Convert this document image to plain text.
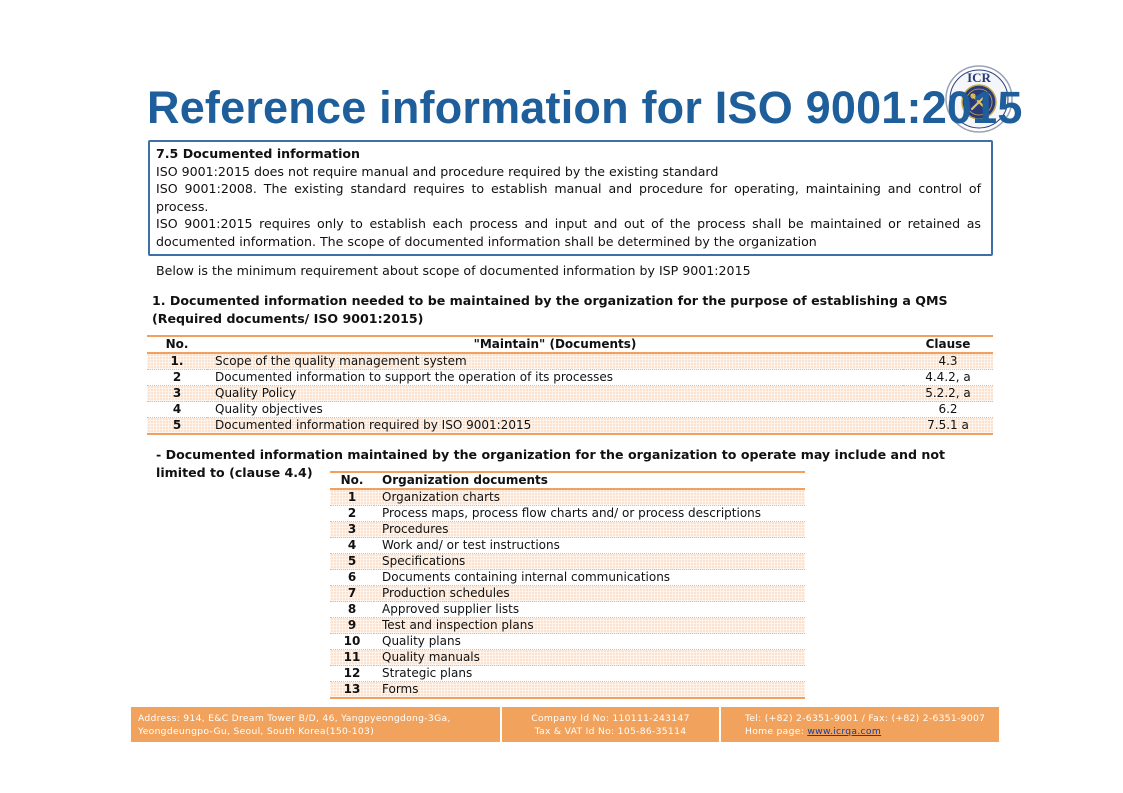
ICR
Reference information for ISO 9001:2015
7.5 Documented information
ISO 9001:2015 does not require manual and procedure required by the existing standard
ISO 9001:2008. The existing standard requires to establish manual and procedure for operating, maintaining and control of process.
ISO 9001:2015 requires only to establish each process and input and out of the process shall be maintained or retained as documented information. The scope of documented information shall be determined by the organization
Below is the minimum requirement about scope of documented information by ISP 9001:2015
1. Documented information needed to be maintained by the organization for the purpose of establishing a QMS
(Required documents/ ISO 9001:2015)
No.	"Maintain" (Documents)	Clause
1.	Scope of the quality management system	4.3
2	Documented information to support the operation of its processes	4.4.2, a
3	Quality Policy	5.2.2, a
4	Quality objectives	6.2
5	Documented information required by ISO 9001:2015	7.5.1 a
- Documented information maintained by the organization for the organization to operate may include and not limited to (clause 4.4)
No.	Organization documents
1	Organization charts
2	Process maps, process flow charts and/ or process descriptions
3	Procedures
4	Work and/ or test instructions
5	Specifications
6	Documents containing internal communications
7	Production schedules
8	Approved supplier lists
9	Test and inspection plans
10	Quality plans
11	Quality manuals
12	Strategic plans
13	Forms
Address: 914, E&C Dream Tower B/D, 46, Yangpyeongdong-3Ga,
Yeongdeungpo-Gu, Seoul, South Korea(150-103)
Company Id No: 110111-243147
Tax & VAT Id No: 105-86-35114
Tel: (+82) 2-6351-9001 / Fax: (+82) 2-6351-9007
Home page: www.icrqa.com
